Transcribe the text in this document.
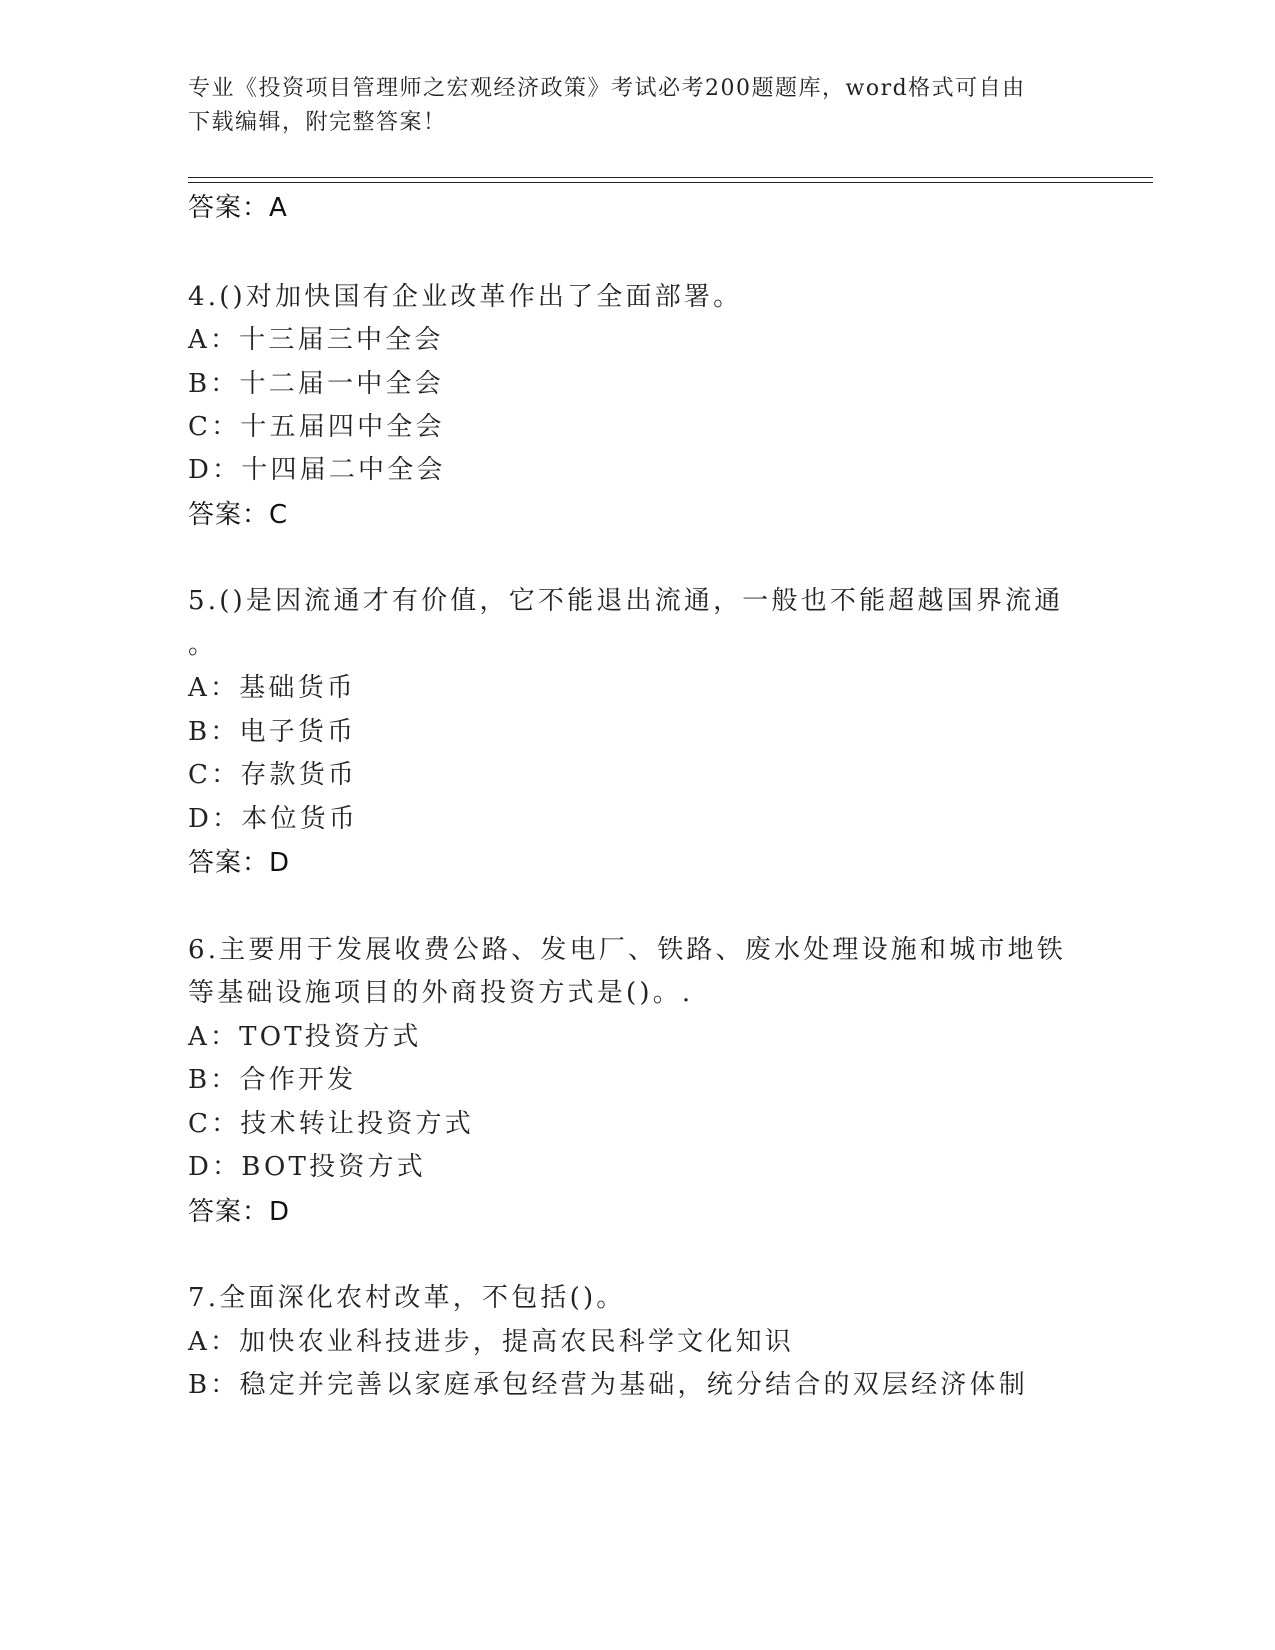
专业《投资项目管理师之宏观经济政策》考试必考200题题库，word格式可自由
下载编辑，附完整答案！
答案：A
4.()对加快国有企业改革作出了全面部署。
A：十三届三中全会
B：十二届一中全会
C：十五届四中全会
D：十四届二中全会
答案：C
5.()是因流通才有价值，它不能退出流通，一般也不能超越国界流通
。
A：基础货币
B：电子货币
C：存款货币
D：本位货币
答案：D
6.主要用于发展收费公路、发电厂、铁路、废水处理设施和城市地铁
等基础设施项目的外商投资方式是()。.
A：TOT投资方式
B：合作开发
C：技术转让投资方式
D：BOT投资方式
答案：D
7.全面深化农村改革，不包括()。
A：加快农业科技进步，提高农民科学文化知识
B：稳定并完善以家庭承包经营为基础，统分结合的双层经济体制
